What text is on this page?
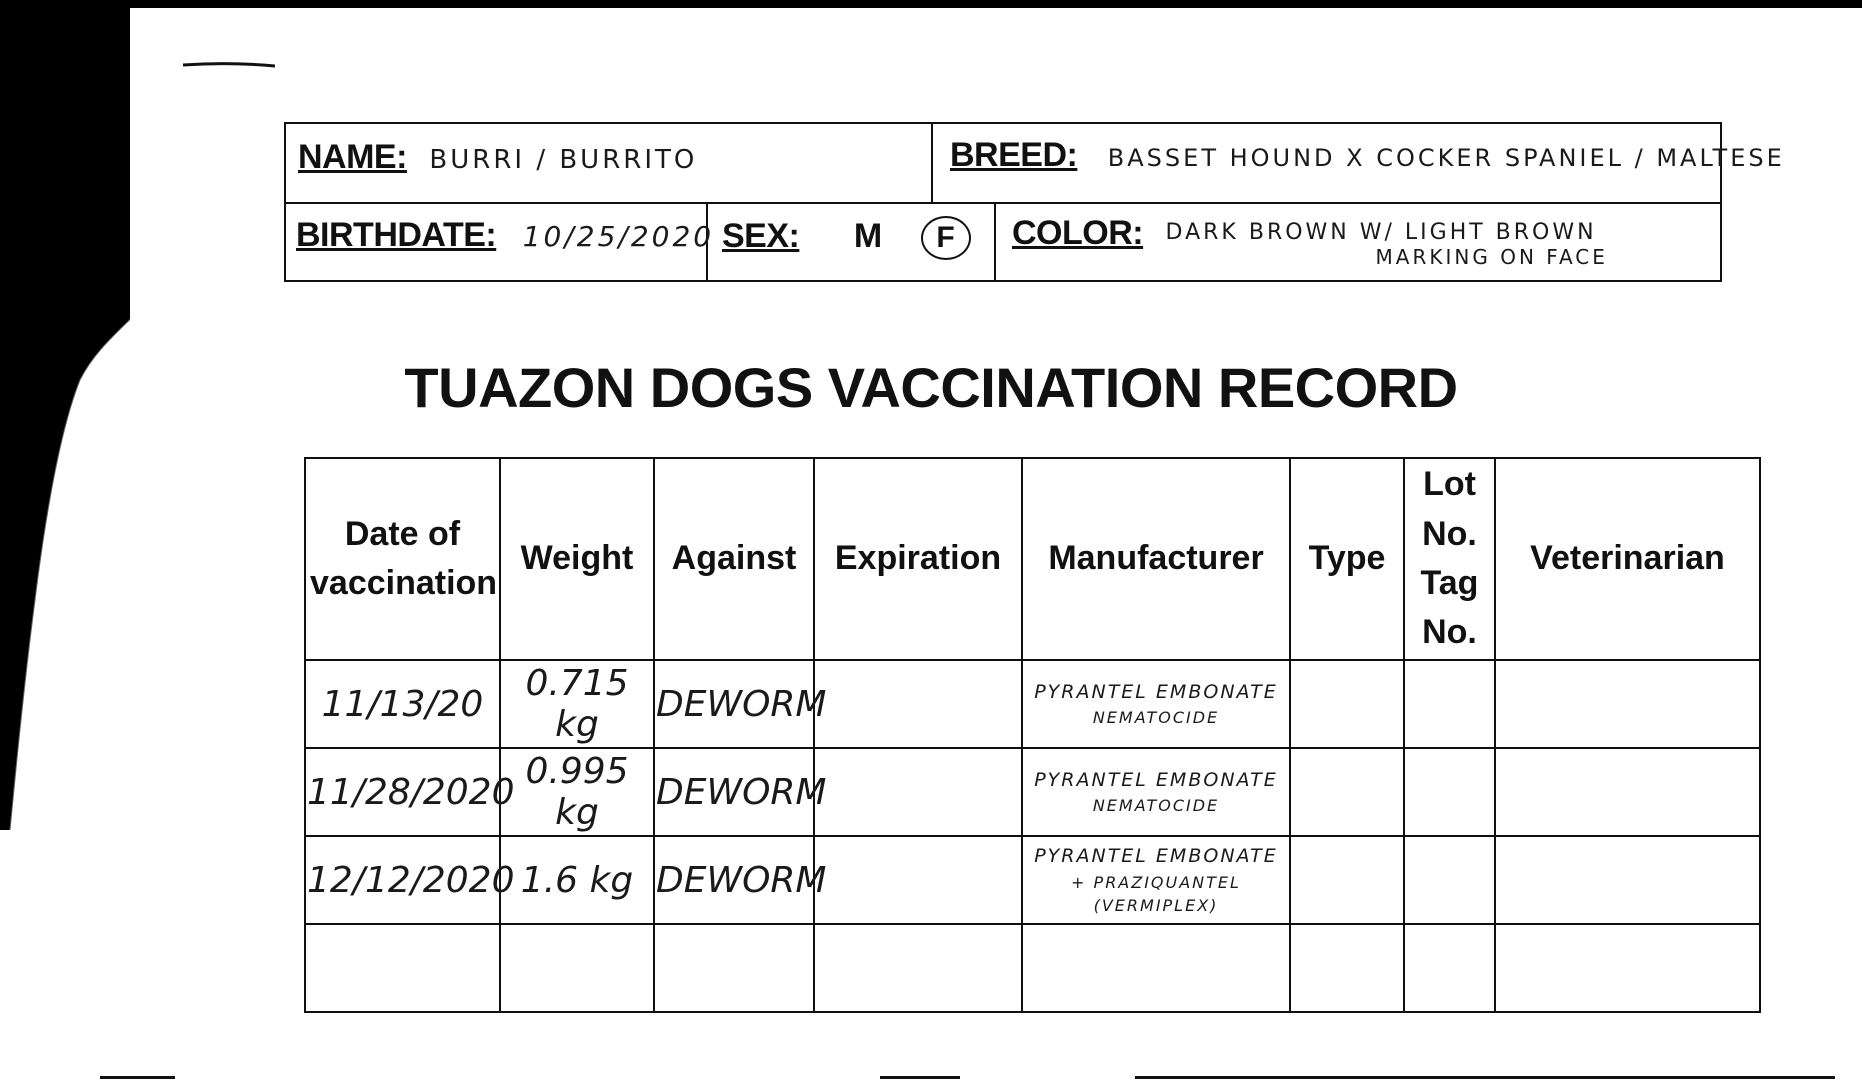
NAME: BURRI / BURRITO	BREED: BASSET HOUND X COCKER SPANIEL / MALTESE
BIRTHDATE: 10/25/2020 SEX: M F	COLOR: DARK BROWN W/ LIGHT BROWN
MARKING ON FACE
TUAZON DOGS VACCINATION RECORD
Date of vaccination	Weight	Against	Expiration	Manufacturer	Type	Lot No. Tag No.	Veterinarian
11/13/20	0.715 kg	DEWORM		PYRANTEL EMBONATE
NEMATOCIDE			

11/28/2020	0.995 kg	DEWORM		PYRANTEL EMBONATE
NEMATOCIDE			

12/12/2020	1.6 kg	DEWORM		PYRANTEL EMBONATE
+ PRAZIQUANTEL (VERMIPLEX)			
